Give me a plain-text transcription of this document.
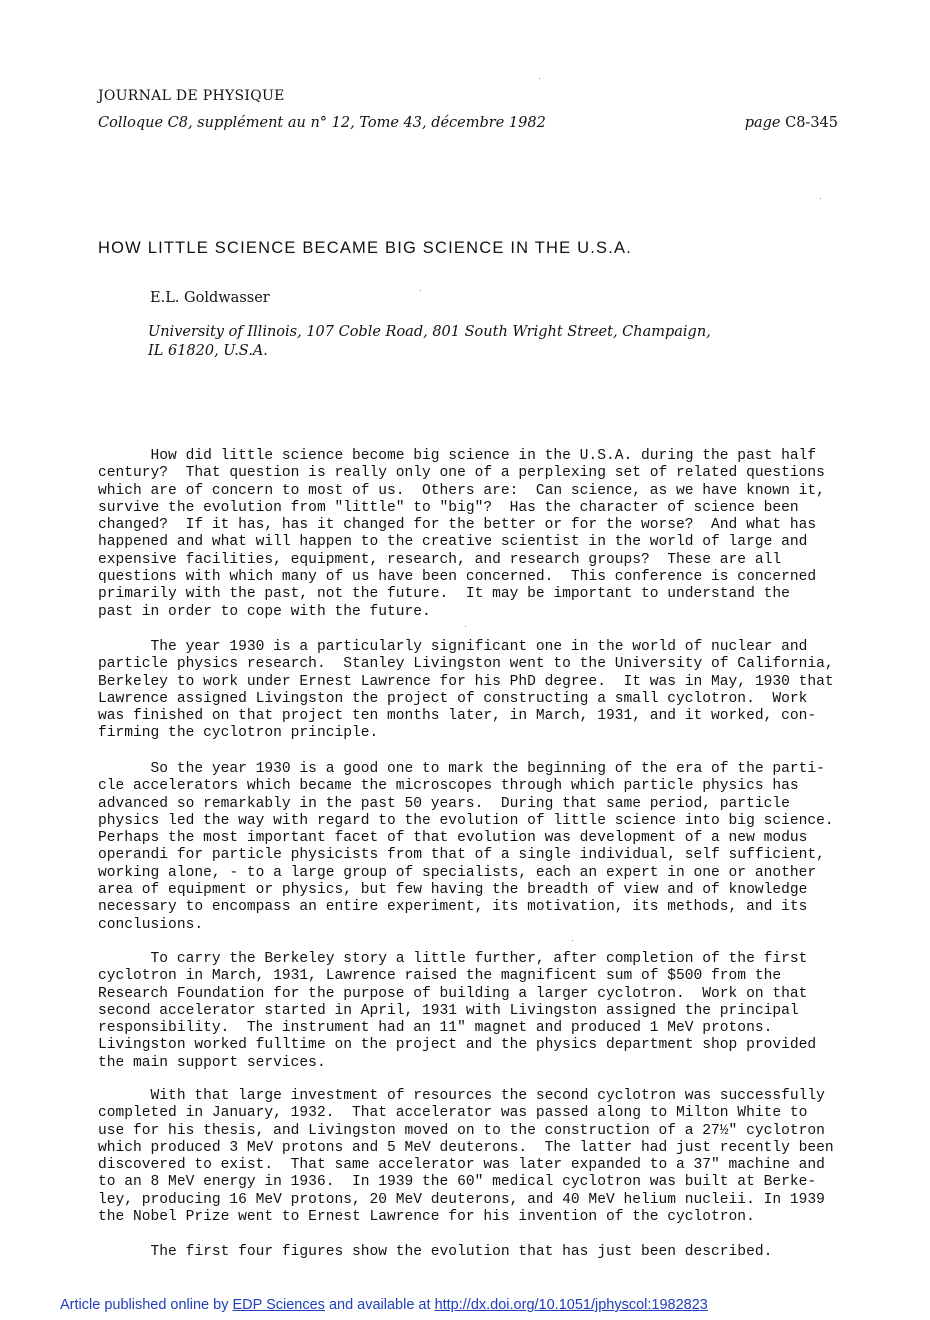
JOURNAL DE PHYSIQUE
Colloque C8, supplément au n° 12, Tome 43, décembre 1982	page C8-345
HOW LITTLE SCIENCE BECAME BIG SCIENCE IN THE U.S.A.
E.L. Goldwasser
University of Illinois, 107 Coble Road, 801 South Wright Street, Champaign,
IL 61820, U.S.A.
How did little science become big science in the U.S.A. during the past half
century?  That question is really only one of a perplexing set of related questions
which are of concern to most of us.  Others are:  Can science, as we have known it,
survive the evolution from "little" to "big"?  Has the character of science been
changed?  If it has, has it changed for the better or for the worse?  And what has
happened and what will happen to the creative scientist in the world of large and
expensive facilities, equipment, research, and research groups?  These are all
questions with which many of us have been concerned.  This conference is concerned
primarily with the past, not the future.  It may be important to understand the
past in order to cope with the future.
The year 1930 is a particularly significant one in the world of nuclear and
particle physics research.  Stanley Livingston went to the University of California,
Berkeley to work under Ernest Lawrence for his PhD degree.  It was in May, 1930 that
Lawrence assigned Livingston the project of constructing a small cyclotron.  Work
was finished on that project ten months later, in March, 1931, and it worked, con-
firming the cyclotron principle.
So the year 1930 is a good one to mark the beginning of the era of the parti-
cle accelerators which became the microscopes through which particle physics has
advanced so remarkably in the past 50 years.  During that same period, particle
physics led the way with regard to the evolution of little science into big science.
Perhaps the most important facet of that evolution was development of a new modus
operandi for particle physicists from that of a single individual, self sufficient,
working alone, - to a large group of specialists, each an expert in one or another
area of equipment or physics, but few having the breadth of view and of knowledge
necessary to encompass an entire experiment, its motivation, its methods, and its
conclusions.
To carry the Berkeley story a little further, after completion of the first
cyclotron in March, 1931, Lawrence raised the magnificent sum of $500 from the
Research Foundation for the purpose of building a larger cyclotron.  Work on that
second accelerator started in April, 1931 with Livingston assigned the principal
responsibility.  The instrument had an 11" magnet and produced 1 MeV protons.
Livingston worked fulltime on the project and the physics department shop provided
the main support services.
With that large investment of resources the second cyclotron was successfully
completed in January, 1932.  That accelerator was passed along to Milton White to
use for his thesis, and Livingston moved on to the construction of a 27½" cyclotron
which produced 3 MeV protons and 5 MeV deuterons.  The latter had just recently been
discovered to exist.  That same accelerator was later expanded to a 37" machine and
to an 8 MeV energy in 1936.  In 1939 the 60" medical cyclotron was built at Berke-
ley, producing 16 MeV protons, 20 MeV deuterons, and 40 MeV helium nucleii. In 1939
the Nobel Prize went to Ernest Lawrence for his invention of the cyclotron.
The first four figures show the evolution that has just been described.
Article published online by EDP Sciences and available at http://dx.doi.org/10.1051/jphyscol:1982823
